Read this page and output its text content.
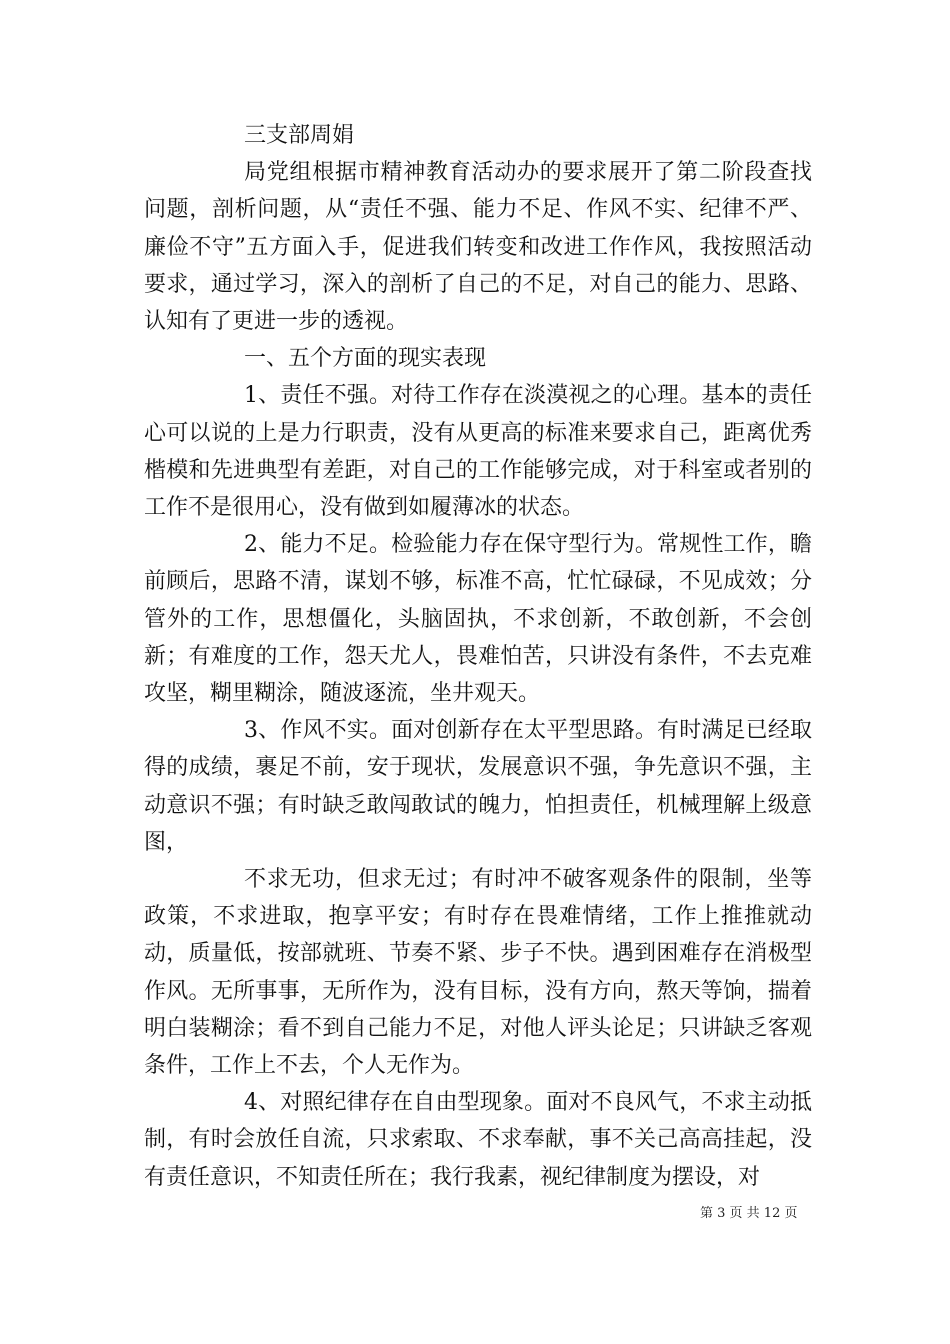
三支部周娟

局党组根据市精神教育活动办的要求展开了第二阶段查找问题，剖析问题，从“责任不强、能力不足、作风不实、纪律不严、廉俭不守”五方面入手，促进我们转变和改进工作作风，我按照活动要求，通过学习，深入的剖析了自己的不足，对自己的能力、思路、认知有了更进一步的透视。

一、五个方面的现实表现

1、责任不强。对待工作存在淡漠视之的心理。基本的责任心可以说的上是力行职责，没有从更高的标准来要求自己，距离优秀楷模和先进典型有差距，对自己的工作能够完成，对于科室或者别的工作不是很用心，没有做到如履薄冰的状态。

2、能力不足。检验能力存在保守型行为。常规性工作，瞻前顾后，思路不清，谋划不够，标准不高，忙忙碌碌，不见成效；分管外的工作，思想僵化，头脑固执，不求创新，不敢创新，不会创新；有难度的工作，怨天尤人，畏难怕苦，只讲没有条件，不去克难攻坚，糊里糊涂，随波逐流，坐井观天。

3、作风不实。面对创新存在太平型思路。有时满足已经取得的成绩，裹足不前，安于现状，发展意识不强，争先意识不强，主动意识不强；有时缺乏敢闯敢试的魄力，怕担责任，机械理解上级意图，

不求无功，但求无过；有时冲不破客观条件的限制，坐等政策，不求进取，抱享平安；有时存在畏难情绪，工作上推推就动动，质量低，按部就班、节奏不紧、步子不快。遇到困难存在消极型作风。无所事事，无所作为，没有目标，没有方向，熬天等饷，揣着明白装糊涂；看不到自己能力不足，对他人评头论足；只讲缺乏客观条件，工作上不去，个人无作为。

4、对照纪律存在自由型现象。面对不良风气，不求主动抵制，有时会放任自流，只求索取、不求奉献，事不关己高高挂起，没有责任意识，不知责任所在；我行我素，视纪律制度为摆设，对

第 3 页 共 12 页
